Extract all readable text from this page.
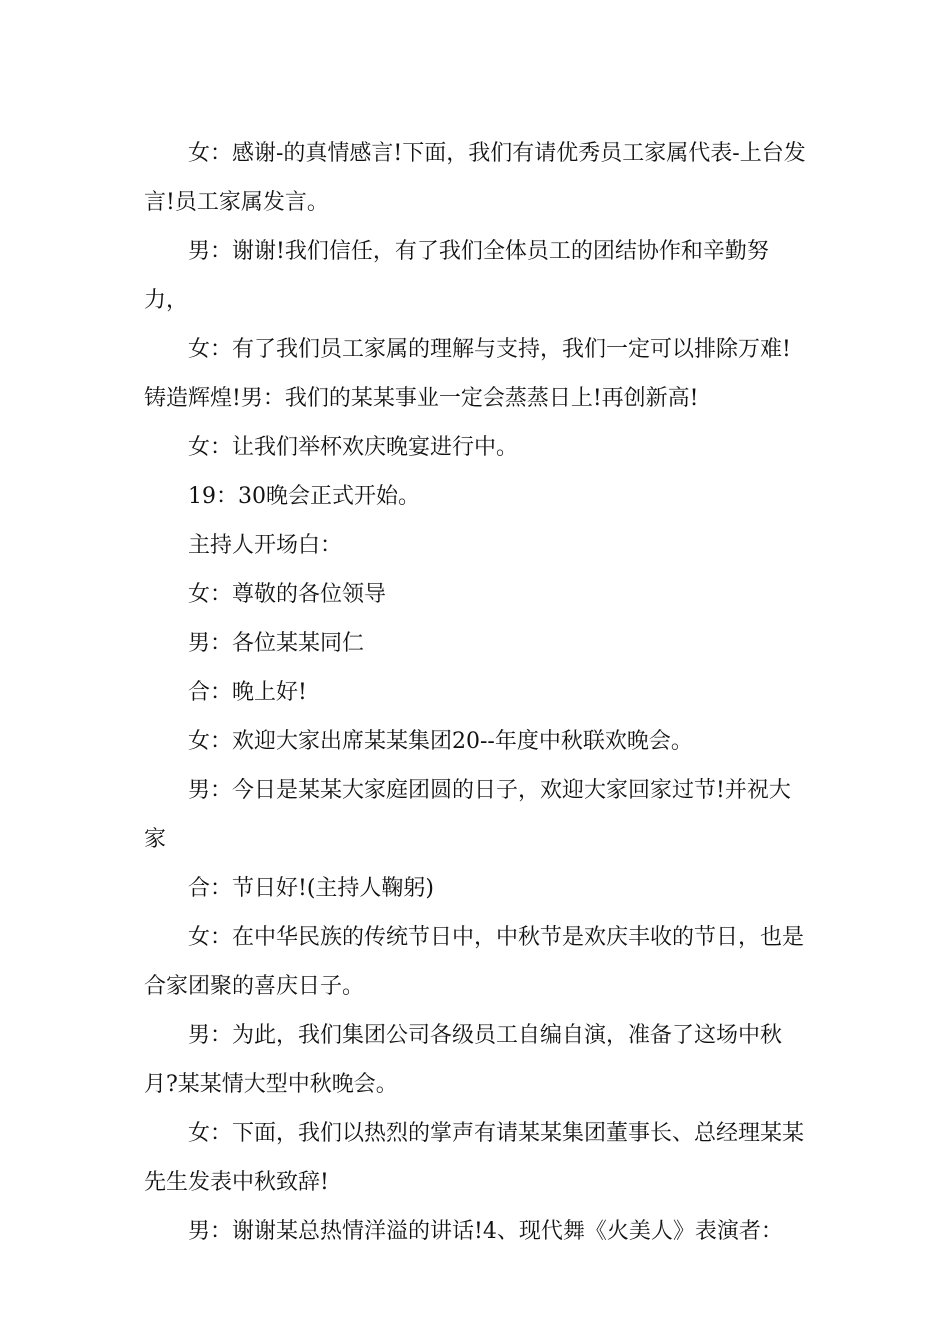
女：感谢-的真情感言!下面，我们有请优秀员工家属代表-上台发言!员工家属发言。

男：谢谢!我们信任，有了我们全体员工的团结协作和辛勤努力，

女：有了我们员工家属的理解与支持，我们一定可以排除万难!铸造辉煌!男：我们的某某事业一定会蒸蒸日上!再创新高!

女：让我们举杯欢庆晚宴进行中。

19：30晚会正式开始。

主持人开场白：

女：尊敬的各位领导

男：各位某某同仁

合：晚上好!

女：欢迎大家出席某某集团20--年度中秋联欢晚会。

男：今日是某某大家庭团圆的日子，欢迎大家回家过节!并祝大家

合：节日好!(主持人鞠躬)

女：在中华民族的传统节日中，中秋节是欢庆丰收的节日，也是合家团聚的喜庆日子。

男：为此，我们集团公司各级员工自编自演，准备了这场中秋月?某某情大型中秋晚会。

女：下面，我们以热烈的掌声有请某某集团董事长、总经理某某先生发表中秋致辞!

男：谢谢某总热情洋溢的讲话!4、现代舞《火美人》表演者：
